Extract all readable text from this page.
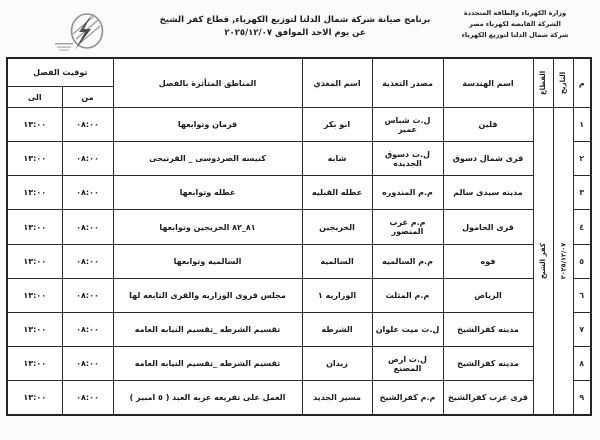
وزارة الكهرباء والطاقه المتجددة
الشركة القابضه لكهرباء مصر
شركة شمال الدلتا لتوزيع الكهرباء
برنامج صيانة شركة شمال الدلتا لتوزيع الكهرباء, قطاع كفر الشيخ
عن يوم الاحد الموافق ٢٠٢٥/١٢/٠٧
م	التاريخ	القطاع	اسم الهندسة	مصدر التغذية	اسم المغذي	المناطق المتأثرة بالفصل	توقيت الفصل	
							من	الى
١	٢٠٢٥/١٢/٠٧	كفر الشيخ	قلين	ل.ت شباس عمير	ابو بكر	قرمان وتوابعها	٠٨:٠٠	١٣:٠٠
٢			قرى شمال دسوق	ل.ت دسوق الجديده	شابه	كنيسه الصردوسى _ القرنيحى	٠٨:٠٠	١٣:٠٠
٣			مدينه سيدى سالم	م.م المندوره	عطله القبليه	عطله وتوابعها	٠٨:٠٠	١٣:٠٠
٤			قرى الحامول	م.م غرب المنصور	الخريجين	٨١_٨٢ الخريجين وتوابعها	٠٨:٠٠	١٣:٠٠
٥			فوه	م.م السالميه	السالميه	السالميه وتوابعها	٠٨:٠٠	١٣:٠٠
٦			الرياض	م.م المثلث	الوزاريه ١	مجلس قروى الوزاريه والقرى التابعه لها	٠٨:٠٠	١٣:٠٠
٧			مدينه كفرالشيخ	ل.ت ميت علوان	الشرطه	تقسيم الشرطه _تقسيم النيابه العامه	٠٨:٠٠	١٣:٠٠
٨			مدينه كفرالشيخ	ل.ت ارض المصنع	زيدان	تقسيم الشرطه _تقسيم النيابه العامه	٠٨:٠٠	١٣:٠٠
٩			قرى غرب كفرالشيخ	م.م كفرالشيخ	مسير الجديد	العمل على تفريعه عزبه العبد ( ٥ امبير )	٠٨:٠٠	١٣:٠٠
